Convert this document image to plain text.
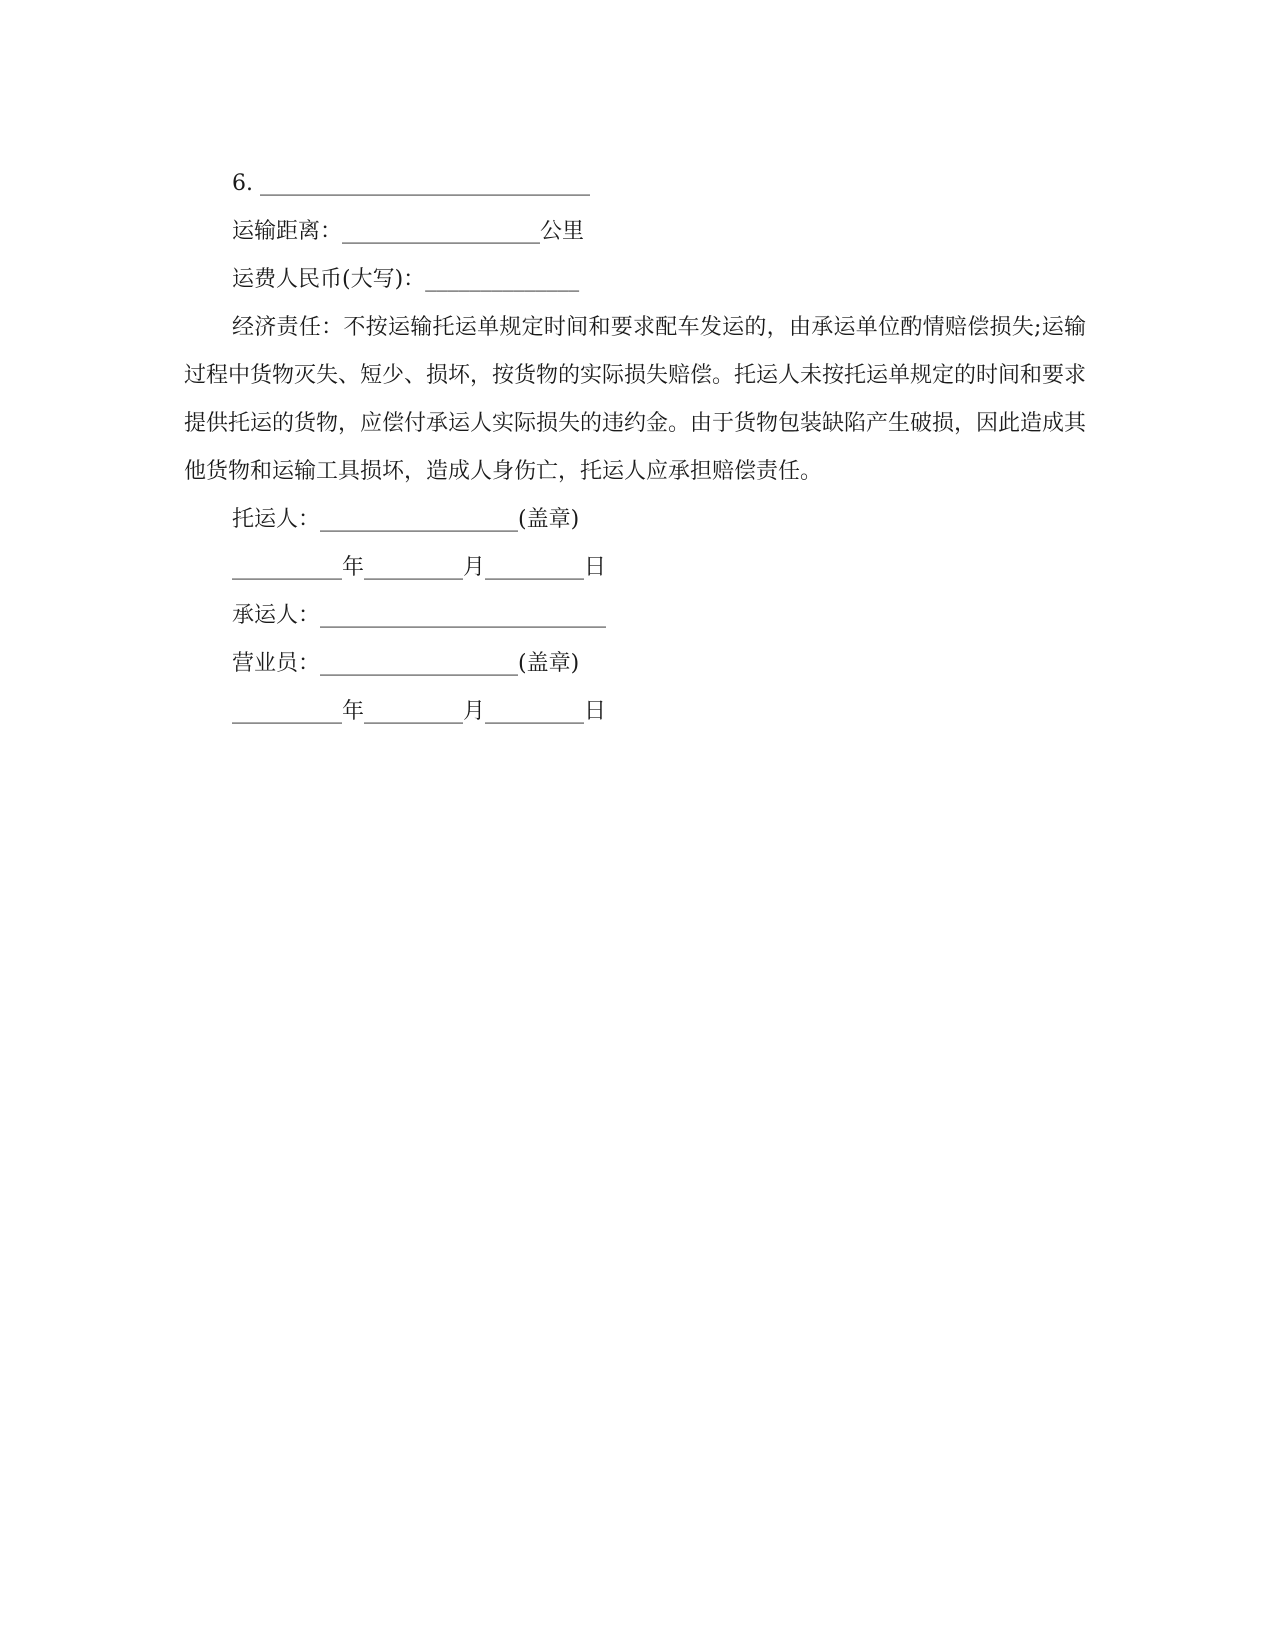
6. ______________________________

运输距离：__________________公里

运费人民币(大写)：______________

经济责任：不按运输托运单规定时间和要求配车发运的，由承运单位酌情赔偿损失;运输过程中货物灭失、短少、损坏，按货物的实际损失赔偿。托运人未按托运单规定的时间和要求提供托运的货物，应偿付承运人实际损失的违约金。由于货物包装缺陷产生破损，因此造成其他货物和运输工具损坏，造成人身伤亡，托运人应承担赔偿责任。

托运人：__________________(盖章)

__________年_________月_________日

承运人：__________________________

营业员：__________________(盖章)

__________年_________月_________日
